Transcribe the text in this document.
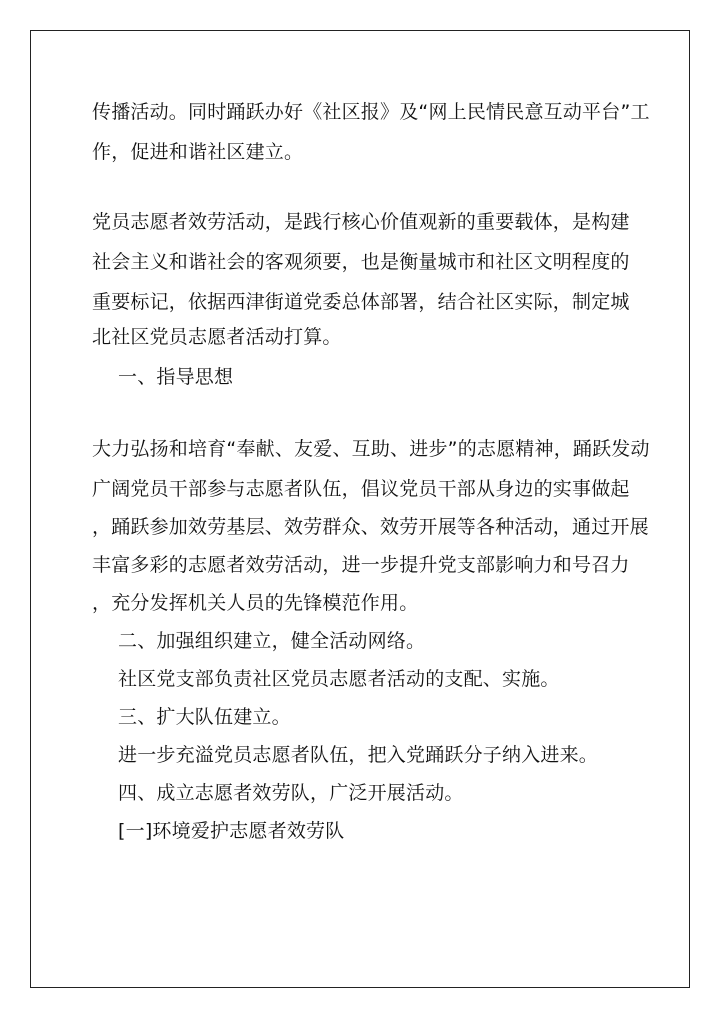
传播活动。同时踊跃办好《社区报》及“网上民情民意互动平台”工
作，促进和谐社区建立。
党员志愿者效劳活动，是践行核心价值观新的重要载体，是构建
社会主义和谐社会的客观须要，也是衡量城市和社区文明程度的
重要标记，依据西津街道党委总体部署，结合社区实际，制定城
北社区党员志愿者活动打算。
一、指导思想
大力弘扬和培育“奉献、友爱、互助、进步”的志愿精神，踊跃发动
广阔党员干部参与志愿者队伍，倡议党员干部从身边的实事做起
，踊跃参加效劳基层、效劳群众、效劳开展等各种活动，通过开展
丰富多彩的志愿者效劳活动，进一步提升党支部影响力和号召力
，充分发挥机关人员的先锋模范作用。
二、加强组织建立，健全活动网络。
社区党支部负责社区党员志愿者活动的支配、实施。
三、扩大队伍建立。
进一步充溢党员志愿者队伍，把入党踊跃分子纳入进来。
四、成立志愿者效劳队，广泛开展活动。
[一]环境爱护志愿者效劳队
